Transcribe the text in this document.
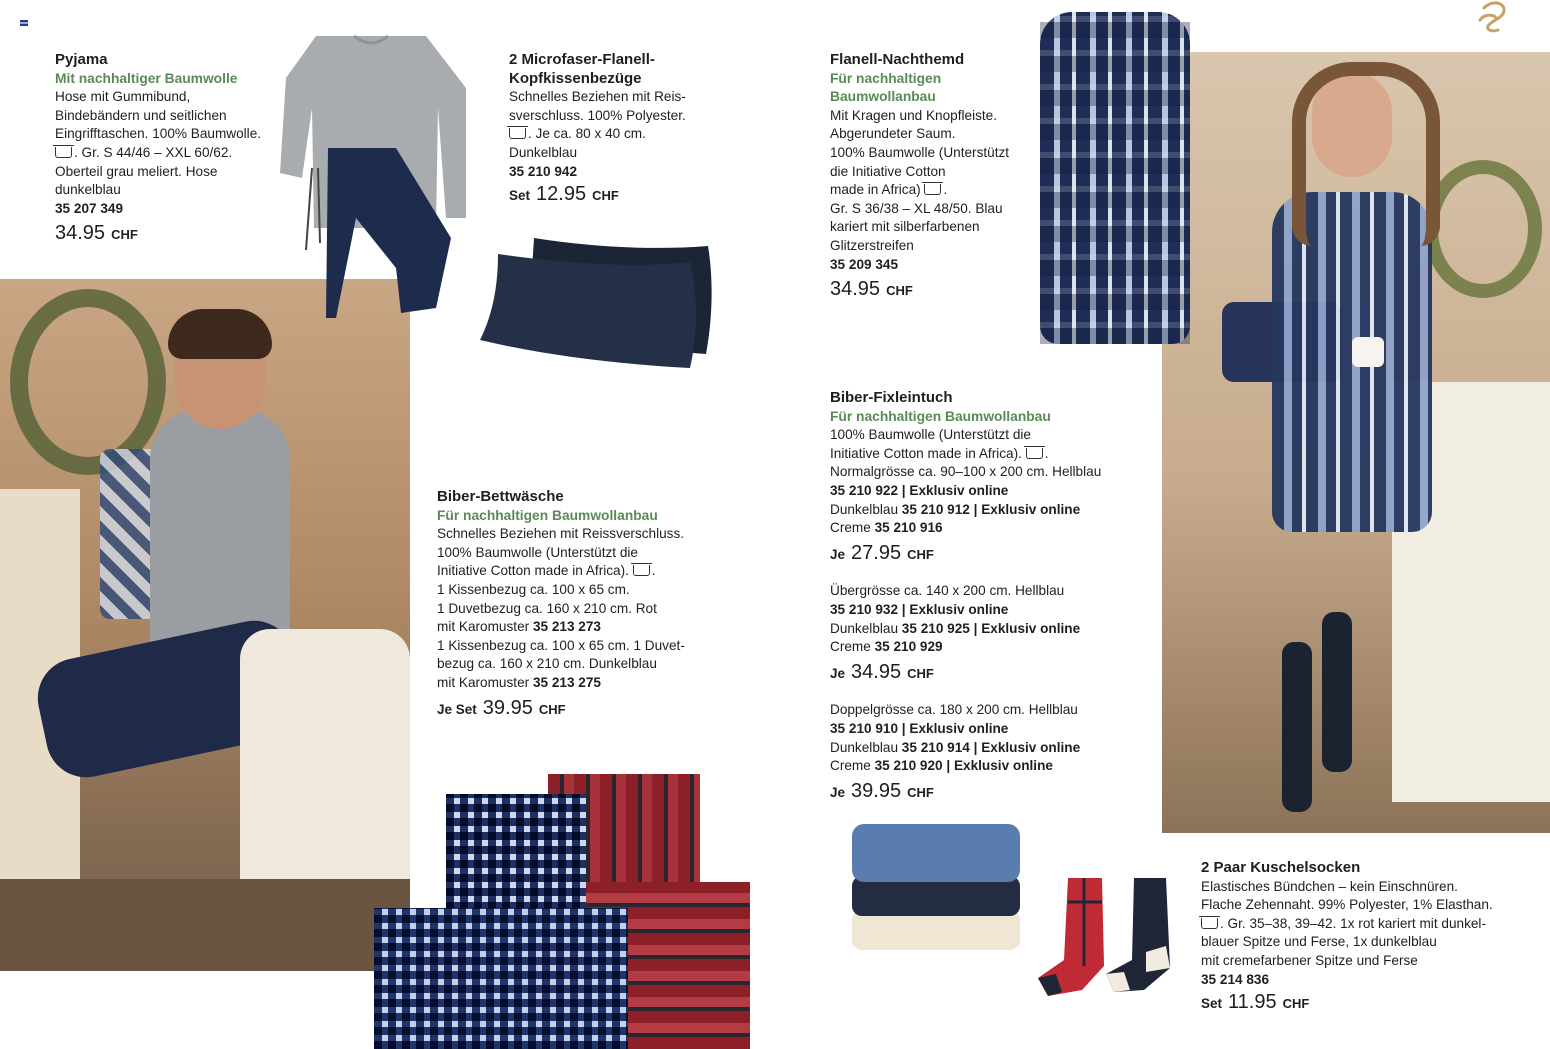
Pyjama
Mit nachhaltiger Baumwolle
Hose mit Gummibund,
Bindebändern und seitlichen
Eingrifftaschen. 100% Baumwolle.
. Gr. S 44/46 – XXL 60/62.
Oberteil grau meliert. Hose
dunkelblau
35 207 349
34.95 CHF
2 Microfaser-Flanell-
Kopfkissenbezüge
Schnelles Beziehen mit Reis-
sverschluss. 100% Polyester.
. Je ca. 80 x 40 cm.
Dunkelblau
35 210 942
Set 12.95 CHF
Flanell-Nachthemd
Für nachhaltigen
Baumwollanbau
Mit Kragen und Knopfleiste.
Abgerundeter Saum.
100% Baumwolle (Unterstützt
die Initiative Cotton
made in Africa) .
Gr. S 36/38 – XL 48/50. Blau
kariert mit silberfarbenen
Glitzerstreifen
35 209 345
34.95 CHF
Biber-Fixleintuch
Für nachhaltigen Baumwollanbau
100% Baumwolle (Unterstützt die
Initiative Cotton made in Africa). .
Normalgrösse ca. 90–100 x 200 cm. Hellblau
35 210 922 | Exklusiv online
Dunkelblau 35 210 912 | Exklusiv online
Creme 35 210 916
Je 27.95 CHF
Übergrösse ca. 140 x 200 cm. Hellblau
35 210 932 | Exklusiv online
Dunkelblau 35 210 925 | Exklusiv online
Creme 35 210 929
Je 34.95 CHF
Doppelgrösse ca. 180 x 200 cm. Hellblau
35 210 910 | Exklusiv online
Dunkelblau 35 210 914 | Exklusiv online
Creme 35 210 920 | Exklusiv online
Je 39.95 CHF
Biber-Bettwäsche
Für nachhaltigen Baumwollanbau
Schnelles Beziehen mit Reissverschluss.
100% Baumwolle (Unterstützt die
Initiative Cotton made in Africa). .
1 Kissenbezug ca. 100 x 65 cm.
1 Duvetbezug ca. 160 x 210 cm. Rot
mit Karomuster 35 213 273
1 Kissenbezug ca. 100 x 65 cm. 1 Duvet-
bezug ca. 160 x 210 cm. Dunkelblau
mit Karomuster 35 213 275
Je Set 39.95 CHF
2 Paar Kuschelsocken
Elastisches Bündchen – kein Einschnüren.
Flache Zehennaht. 99% Polyester, 1% Elasthan.
. Gr. 35–38, 39–42. 1x rot kariert mit dunkel-
blauer Spitze und Ferse, 1x dunkelblau
mit cremefarbener Spitze und Ferse
35 214 836
Set 11.95 CHF
